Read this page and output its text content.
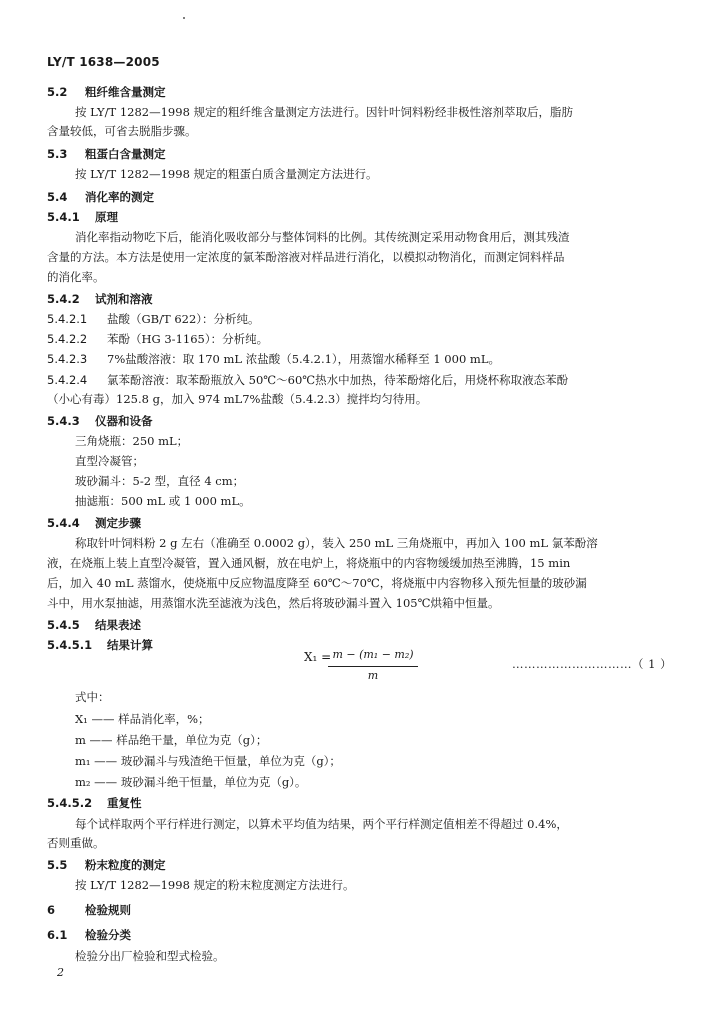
LY/T 1638—2005
5.2 粗纤维含量测定
按 LY/T 1282—1998 规定的粗纤维含量测定方法进行。因针叶饲料粉经非极性溶剂萃取后，脂肪
含量较低，可省去脱脂步骤。
5.3 粗蛋白含量测定
按 LY/T 1282—1998 规定的粗蛋白质含量测定方法进行。
5.4 消化率的测定
5.4.1 原理
消化率指动物吃下后，能消化吸收部分与整体饲料的比例。其传统测定采用动物食用后，测其残渣
含量的方法。本方法是使用一定浓度的氯苯酚溶液对样品进行消化，以模拟动物消化，而测定饲料样品
的消化率。
5.4.2 试剂和溶液
5.4.2.1 盐酸（GB/T 622）：分析纯。
5.4.2.2 苯酚（HG 3-1165）：分析纯。
5.4.2.3 7%盐酸溶液：取 170 mL 浓盐酸（5.4.2.1），用蒸馏水稀释至 1 000 mL。
5.4.2.4 氯苯酚溶液：取苯酚瓶放入 50℃～60℃热水中加热，待苯酚熔化后，用烧杯称取液态苯酚
（小心有毒）125.8 g，加入 974 mL7%盐酸（5.4.2.3）搅拌均匀待用。
5.4.3 仪器和设备
三角烧瓶：250 mL；
直型冷凝管；
玻砂漏斗：5-2 型，直径 4 cm；
抽滤瓶：500 mL 或 1 000 mL。
5.4.4 测定步骤
称取针叶饲料粉 2 g 左右（准确至 0.0002 g），装入 250 mL 三角烧瓶中，再加入 100 mL 氯苯酚溶
液，在烧瓶上装上直型冷凝管，置入通风橱，放在电炉上，将烧瓶中的内容物缓缓加热至沸腾，15 min
后，加入 40 mL 蒸馏水，使烧瓶中反应物温度降至 60℃～70℃，将烧瓶中内容物移入预先恒量的玻砂漏
斗中，用水泵抽滤，用蒸馏水洗至滤液为浅色，然后将玻砂漏斗置入 105℃烘箱中恒量。
5.4.5 结果表述
5.4.5.1 结果计算
式中：
X₁ —— 样品消化率，%；
m —— 样品绝干量，单位为克（g）；
m₁ —— 玻砂漏斗与残渣绝干恒量，单位为克（g）；
m₂ —— 玻砂漏斗绝干恒量，单位为克（g）。
5.4.5.2 重复性
每个试样取两个平行样进行测定，以算术平均值为结果，两个平行样测定值相差不得超过 0.4%，
否则重做。
5.5 粉末粒度的测定
按 LY/T 1282—1998 规定的粉末粒度测定方法进行。
6	检验规则
6.1 检验分类
检验分出厂检验和型式检验。
X₁ = m − (m₁ − m₂)
m
…………………………（ 1 ）
2
